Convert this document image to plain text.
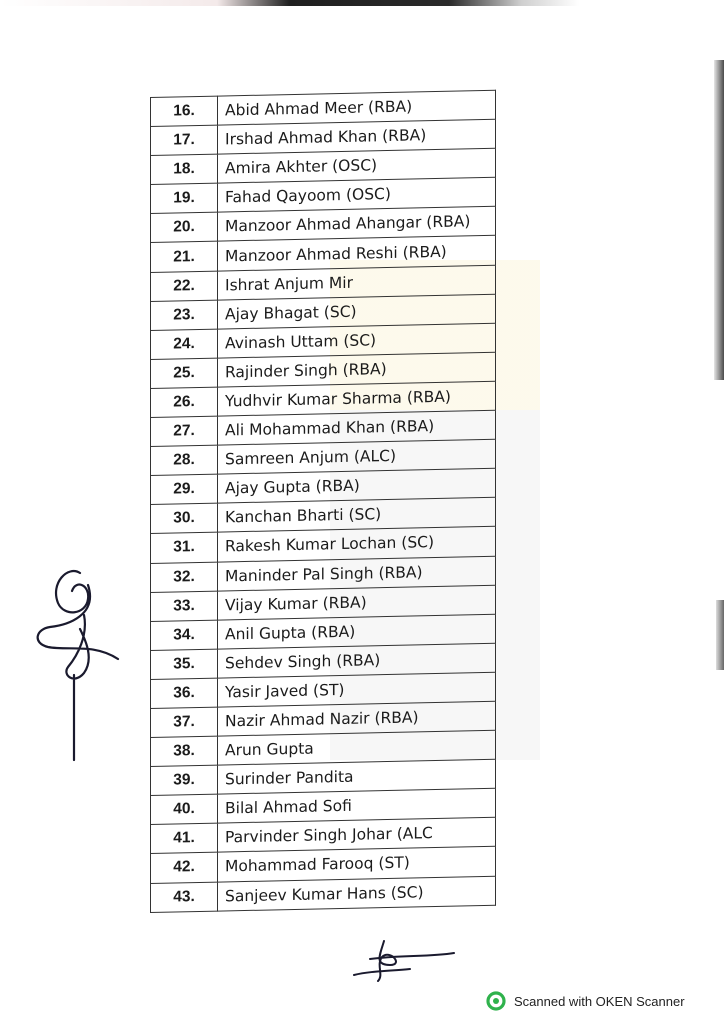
16.	Abid Ahmad Meer (RBA)
17.	Irshad Ahmad Khan (RBA)
18.	Amira Akhter (OSC)
19.	Fahad Qayoom (OSC)
20.	Manzoor Ahmad Ahangar (RBA)
21.	Manzoor Ahmad Reshi (RBA)
22.	Ishrat Anjum Mir
23.	Ajay Bhagat (SC)
24.	Avinash Uttam (SC)
25.	Rajinder Singh (RBA)
26.	Yudhvir Kumar Sharma (RBA)
27.	Ali Mohammad Khan (RBA)
28.	Samreen Anjum (ALC)
29.	Ajay Gupta (RBA)
30.	Kanchan Bharti (SC)
31.	Rakesh Kumar Lochan (SC)
32.	Maninder Pal Singh (RBA)
33.	Vijay Kumar (RBA)
34.	Anil Gupta (RBA)
35.	Sehdev Singh (RBA)
36.	Yasir Javed (ST)
37.	Nazir Ahmad Nazir (RBA)
38.	Arun Gupta
39.	Surinder Pandita
40.	Bilal Ahmad Sofi
41.	Parvinder Singh Johar (ALC
42.	Mohammad Farooq (ST)
43.	Sanjeev Kumar Hans (SC)
Scanned with OKEN Scanner
